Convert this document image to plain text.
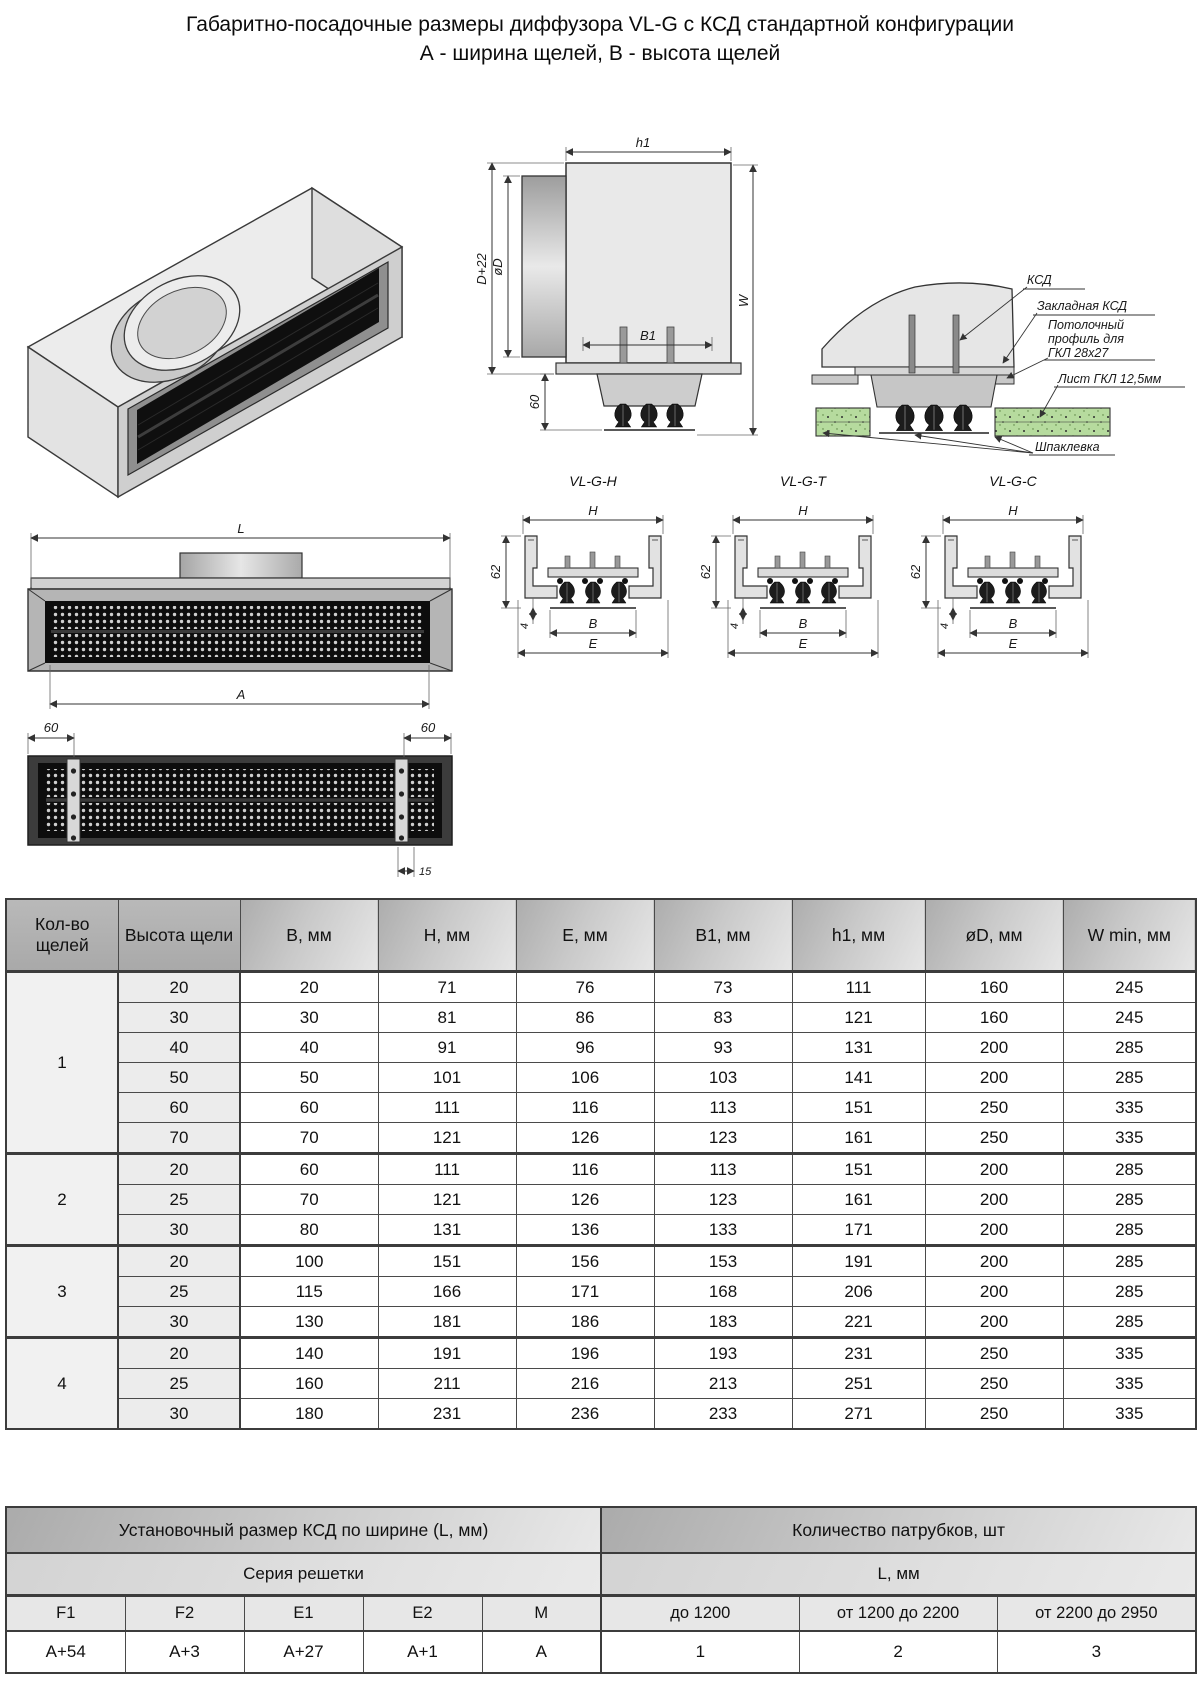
Габаритно-посадочные размеры диффузора VL-G с КСД стандартной конфигурации
А - ширина щелей, В - высота щелей
h1
D+22 øD
B1
60
W
КСД
Закладная КСД
Потолочный
профиль для
ГКЛ 28х27
Лист ГКЛ 12,5мм
Шпаклевка
VL-G-H
H
62
4	B
E
VL-G-T
H
62
4	B
E
VL-G-C
H
62
4	B
E
L
A
60	60
15
Кол-во щелей	Высота щели	B, мм	H, мм	E, мм	B1, мм	h1, мм	øD, мм	W min, мм
1	20	20	71	76	73	111	160	245
	30	30	81	86	83	121	160	245
	40	40	91	96	93	131	200	285
	50	50	101	106	103	141	200	285
	60	60	111	116	113	151	250	335
	70	70	121	126	123	161	250	335
2	20	60	111	116	113	151	200	285
	25	70	121	126	123	161	200	285
	30	80	131	136	133	171	200	285
3	20	100	151	156	153	191	200	285
	25	115	166	171	168	206	200	285
	30	130	181	186	183	221	200	285
4	20	140	191	196	193	231	250	335
	25	160	211	216	213	251	250	335
	30	180	231	236	233	271	250	335
Установочный размер КСД по ширине (L, мм)					Количество патрубков, шт		
Серия решетки					L, мм		
F1	F2	E1	E2	M	до 1200	от 1200 до 2200	от 2200 до 2950
A+54	A+3	A+27	A+1	A	1	2	3
